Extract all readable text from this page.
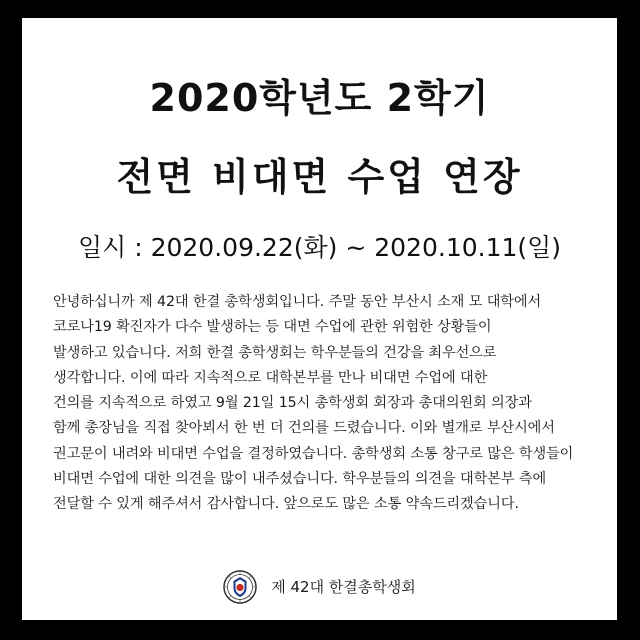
2020학년도 2학기
전면 비대면 수업 연장
일시 : 2020.09.22(화) ~ 2020.10.11(일)
안녕하십니까 제 42대 한결 총학생회입니다. 주말 동안 부산시 소재 모 대학에서
코로나19 확진자가 다수 발생하는 등 대면 수업에 관한 위험한 상황들이
발생하고 있습니다. 저희 한결 총학생회는 학우분들의 건강을 최우선으로
생각합니다. 이에 따라 지속적으로 대학본부를 만나 비대면 수업에 대한
건의를 지속적으로 하였고 9월 21일 15시 총학생회 회장과 총대의원회 의장과
함께 총장님을 직접 찾아뵈서 한 번 더 건의를 드렸습니다. 이와 별개로 부산시에서
권고문이 내려와 비대면 수업을 결정하였습니다. 총학생회 소통 창구로 많은 학생들이
비대면 수업에 대한 의견을 많이 내주셨습니다. 학우분들의 의견을 대학본부 측에
전달할 수 있게 해주셔서 감사합니다. 앞으로도 많은 소통 약속드리겠습니다.
제 42대 한결총학생회
